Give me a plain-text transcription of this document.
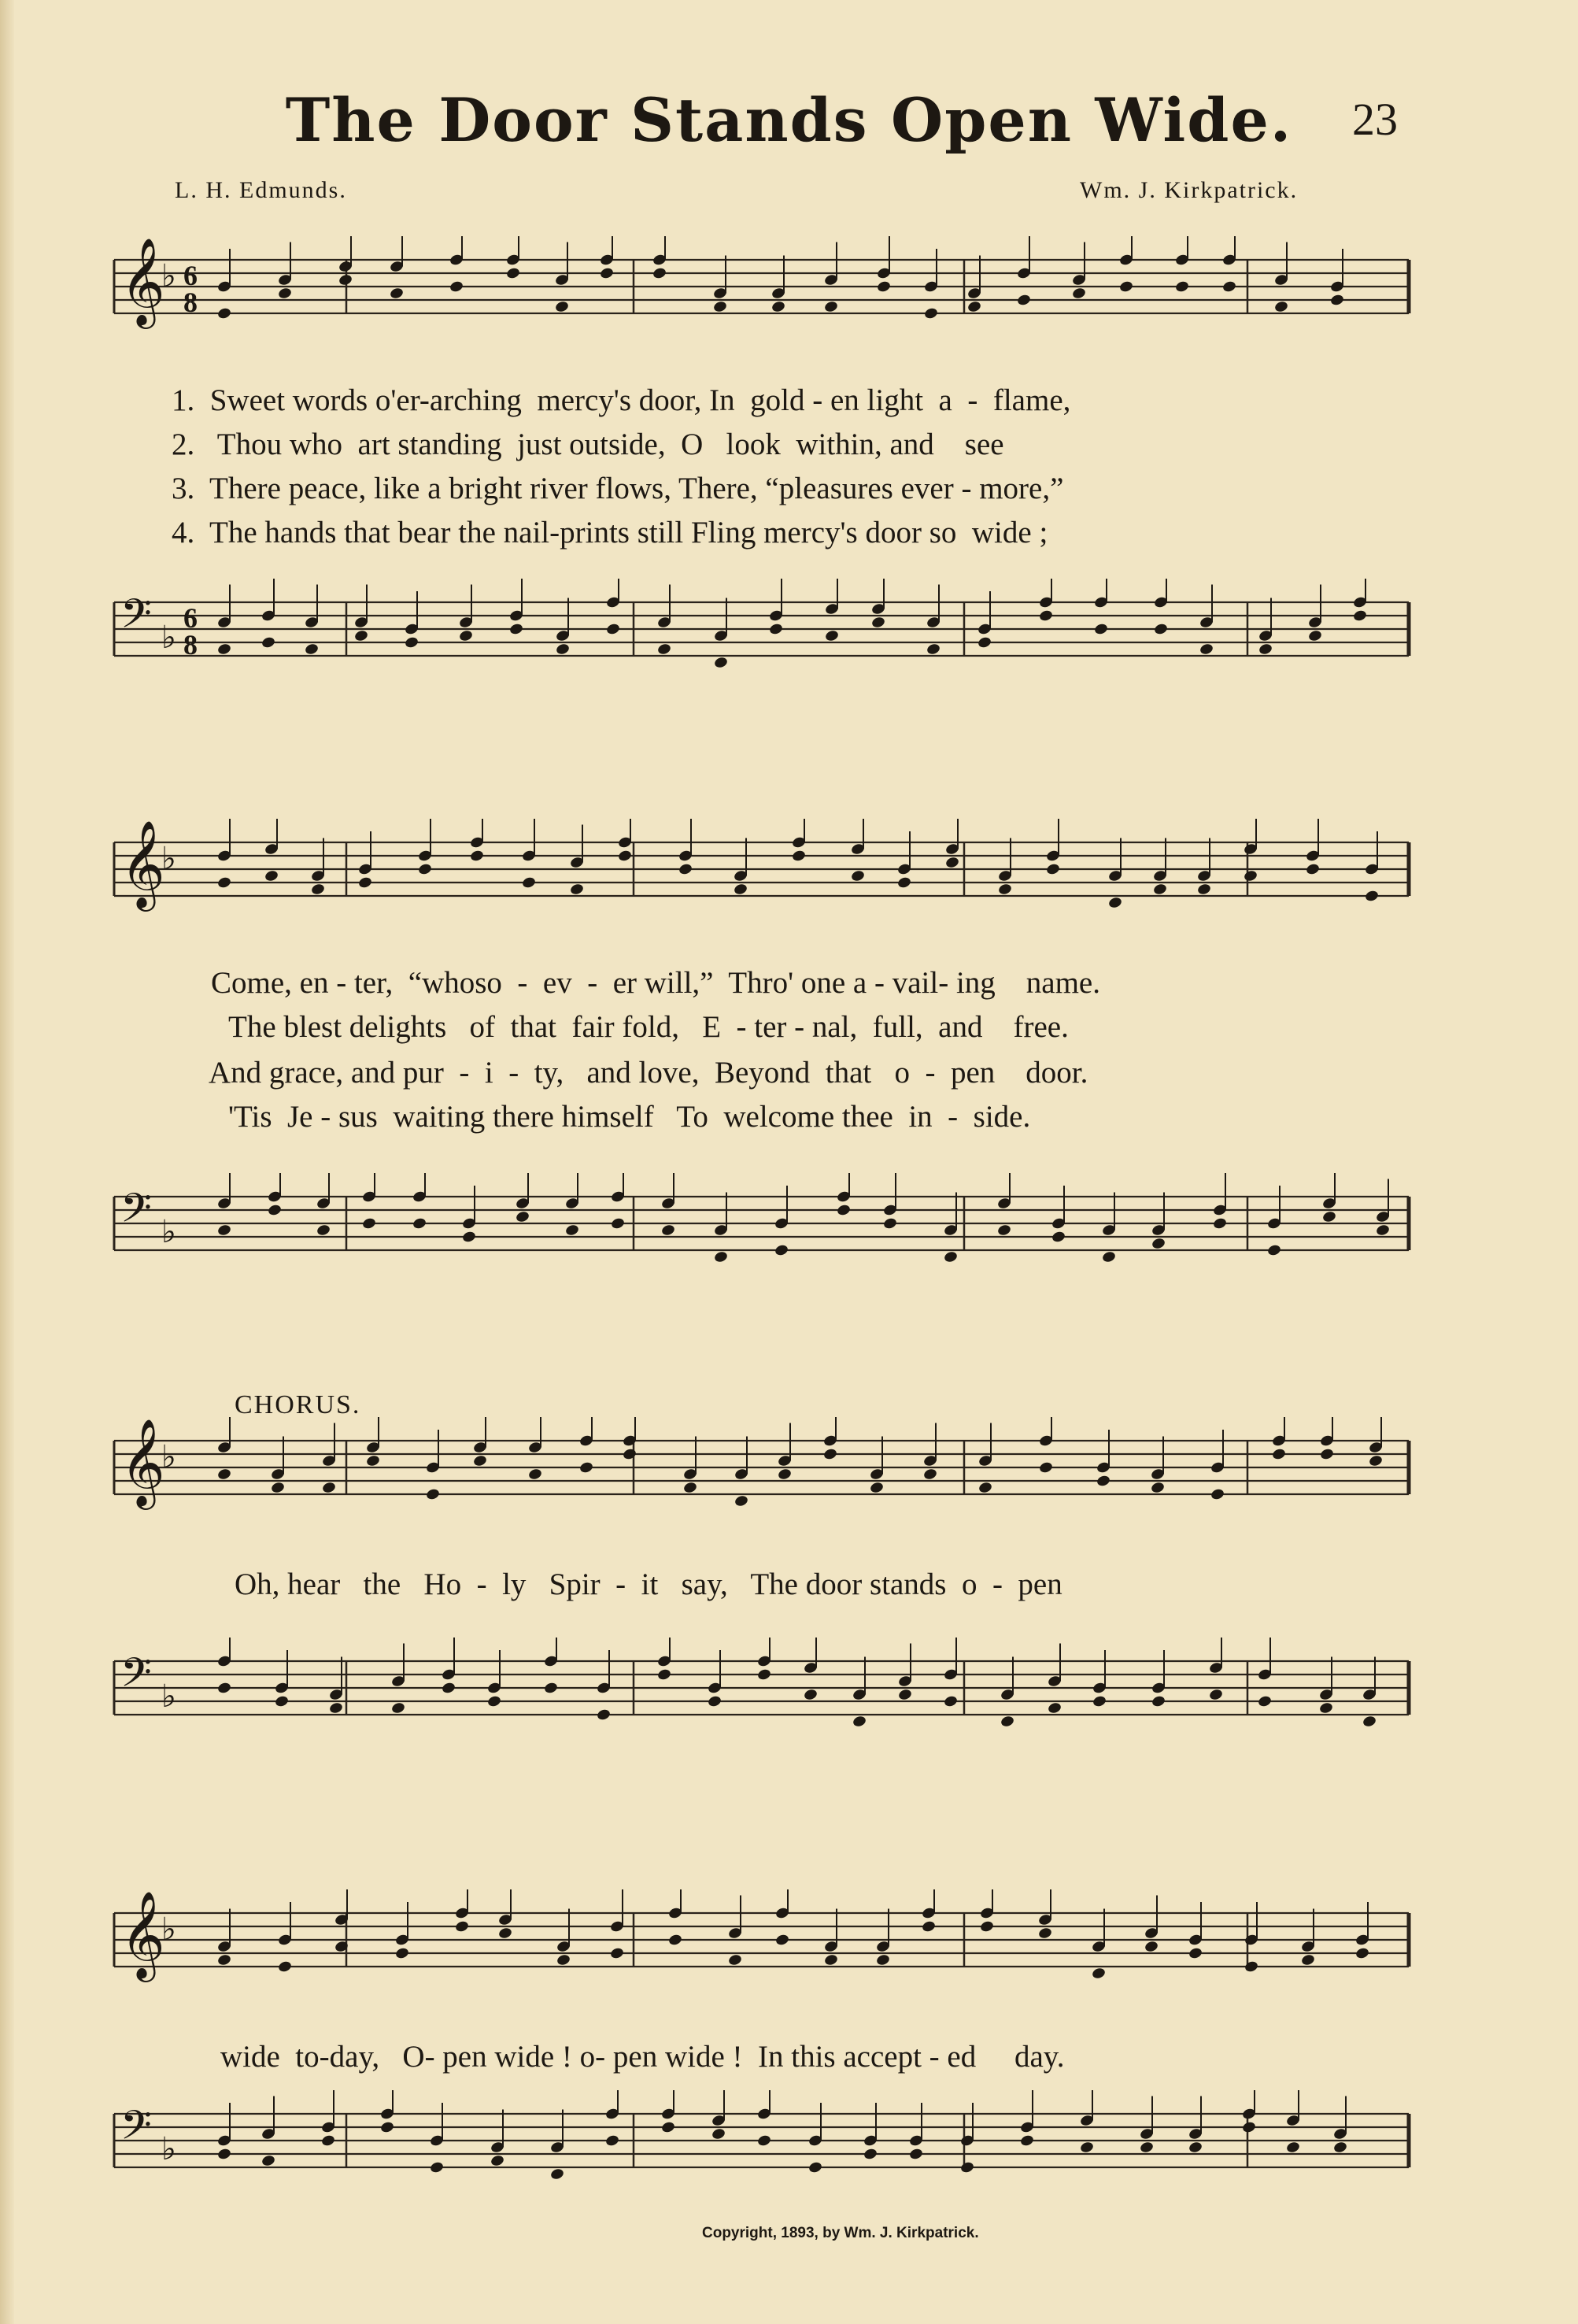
The Door Stands Open Wide.	23
L. H. Edmunds.	Wm. J. Kirkpatrick.
𝄞
♭ 6
8
𝄢 ♭
6
8
𝄞
♭
𝄢 ♭
𝄞
♭
𝄢 ♭
𝄞
♭
𝄢 ♭
1.  Sweet words o'er-arching  mercy's door, In  gold - en light  a  -  flame,
2.   Thou who  art standing  just outside,  O   look  within, and    see
3.  There peace, like a bright river flows, There, “pleasures ever - more,”
4.  The hands that bear the nail-prints still Fling mercy's door so  wide ;
Come, en - ter,  “whoso  -  ev  -  er will,”  Thro' one a - vail- ing    name.
The blest delights   of  that  fair fold,   E  - ter - nal,  full,  and    free.
And grace, and pur  -  i  -  ty,   and love,  Beyond  that   o  -  pen    door.
'Tis  Je - sus  waiting there himself   To  welcome thee  in  -  side.
CHORUS.
Oh, hear   the   Ho  -  ly   Spir  -  it   say,   The door stands  o  -  pen
wide  to-day,   O- pen wide ! o- pen wide !  In this accept - ed     day.
Copyright, 1893, by Wm. J. Kirkpatrick.
